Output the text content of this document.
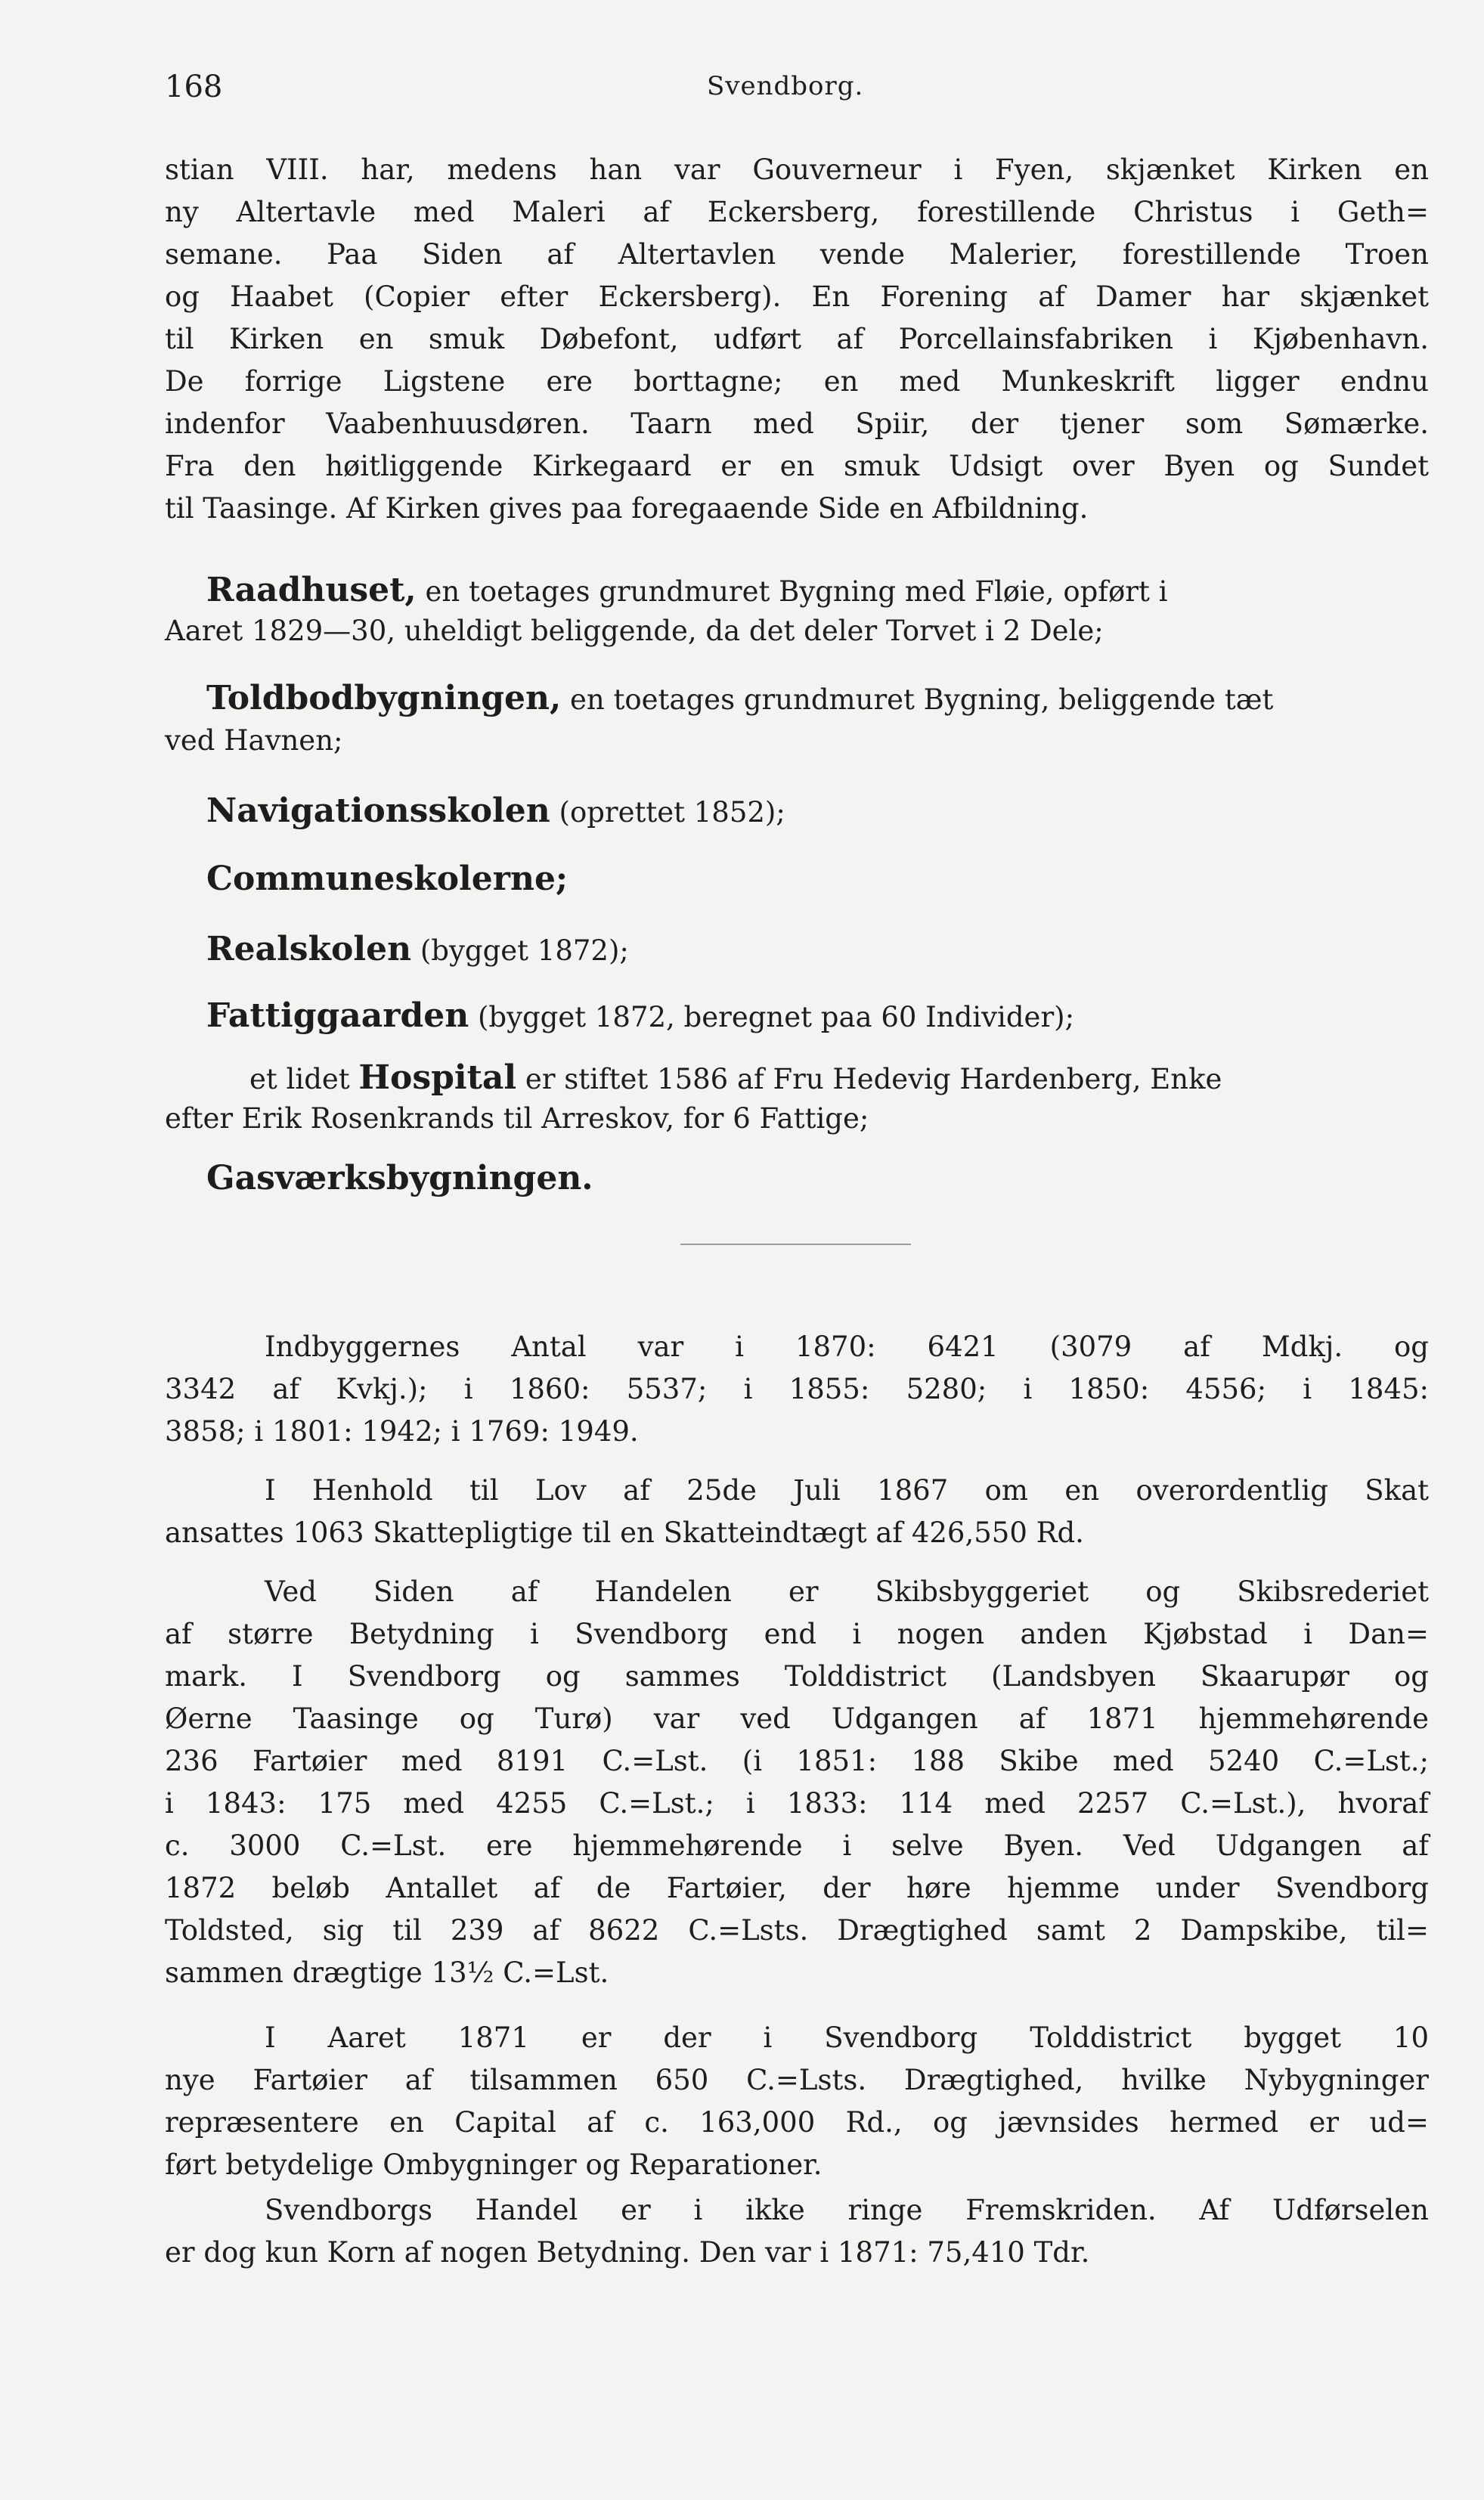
168	Svendborg.
stian VIII. har, medens han var Gouverneur i Fyen, skjænket Kirken en
ny Altertavle med Maleri af Eckersberg, forestillende Christus i Geth=
semane. Paa Siden af Altertavlen vende Malerier, forestillende Troen
og Haabet (Copier efter Eckersberg). En Forening af Damer har skjænket
til Kirken en smuk Døbefont, udført af Porcellainsfabriken i Kjøbenhavn.
De forrige Ligstene ere borttagne; en med Munkeskrift ligger endnu
indenfor Vaabenhuusdøren. Taarn med Spiir, der tjener som Sømærke.
Fra den høitliggende Kirkegaard er en smuk Udsigt over Byen og Sundet
til Taasinge. Af Kirken gives paa foregaaende Side en Afbildning.
Raadhuset, en toetages grundmuret Bygning med Fløie, opført i
Aaret 1829—30, uheldigt beliggende, da det deler Torvet i 2 Dele;
Toldbodbygningen, en toetages grundmuret Bygning, beliggende tæt
ved Havnen;
Navigationsskolen (oprettet 1852);
Communeskolerne;
Realskolen (bygget 1872);
Fattiggaarden (bygget 1872, beregnet paa 60 Individer);
et lidet Hospital er stiftet 1586 af Fru Hedevig Hardenberg, Enke
efter Erik Rosenkrands til Arreskov, for 6 Fattige;
Gasværksbygningen.
Indbyggernes Antal var i 1870: 6421 (3079 af Mdkj. og
3342 af Kvkj.); i 1860: 5537; i 1855: 5280; i 1850: 4556; i 1845:
3858; i 1801: 1942; i 1769: 1949.
I Henhold til Lov af 25de Juli 1867 om en overordentlig Skat
ansattes 1063 Skattepligtige til en Skatteindtægt af 426,550 Rd.
Ved Siden af Handelen er Skibsbyggeriet og Skibsrederiet
af større Betydning i Svendborg end i nogen anden Kjøbstad i Dan=
mark. I Svendborg og sammes Tolddistrict (Landsbyen Skaarupør og
Øerne Taasinge og Turø) var ved Udgangen af 1871 hjemmehørende
236 Fartøier med 8191 C.=Lst. (i 1851: 188 Skibe med 5240 C.=Lst.;
i 1843: 175 med 4255 C.=Lst.; i 1833: 114 med 2257 C.=Lst.), hvoraf
c. 3000 C.=Lst. ere hjemmehørende i selve Byen. Ved Udgangen af
1872 beløb Antallet af de Fartøier, der høre hjemme under Svendborg
Toldsted, sig til 239 af 8622 C.=Lsts. Drægtighed samt 2 Dampskibe, til=
sammen drægtige 13½ C.=Lst.
I Aaret 1871 er der i Svendborg Tolddistrict bygget 10
nye Fartøier af tilsammen 650 C.=Lsts. Drægtighed, hvilke Nybygninger
repræsentere en Capital af c. 163,000 Rd., og jævnsides hermed er ud=
ført betydelige Ombygninger og Reparationer.
Svendborgs Handel er i ikke ringe Fremskriden. Af Udførselen
er dog kun Korn af nogen Betydning. Den var i 1871: 75,410 Tdr.
